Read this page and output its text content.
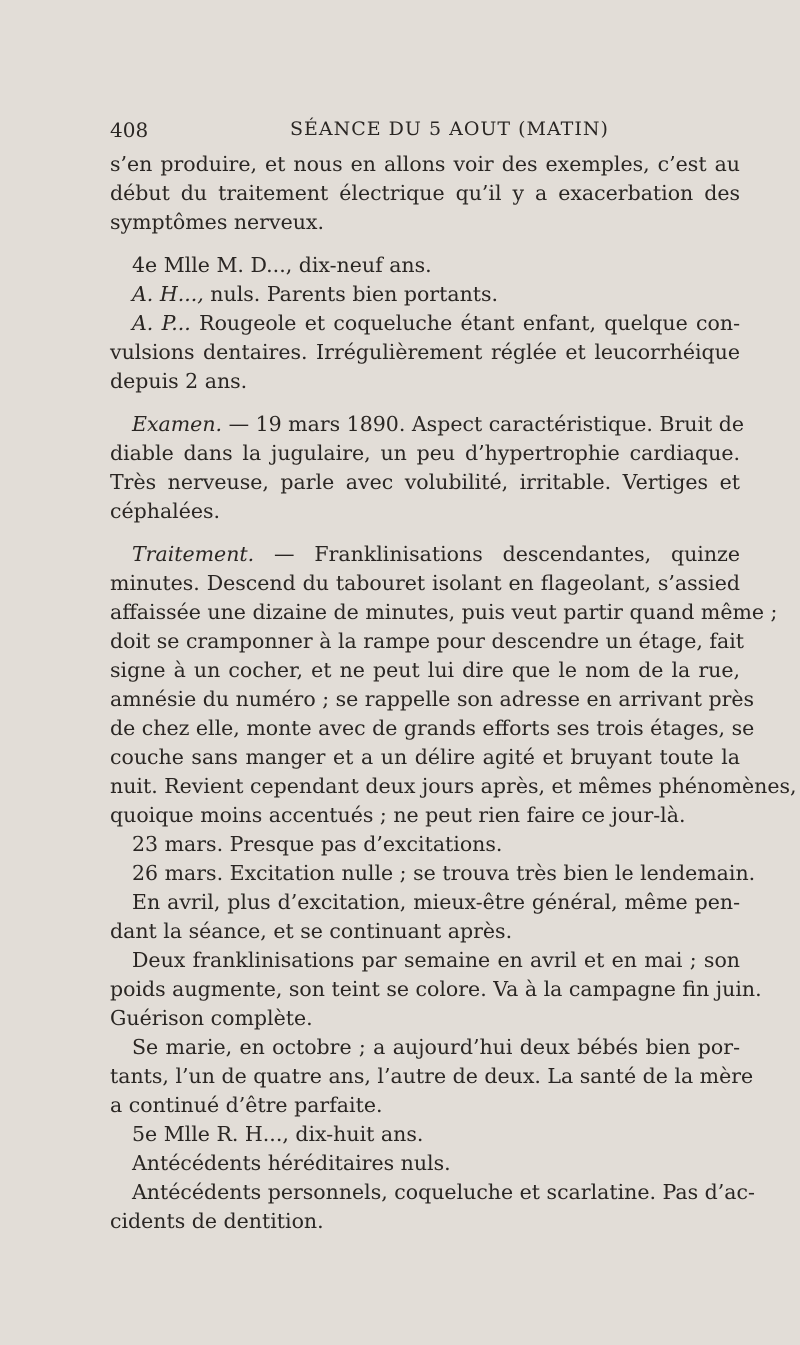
408	SÉANCE DU 5 AOUT (MATIN)

s’en produire, et nous en allons voir des exemples, c’est au
début du traitement électrique qu’il y a exacerbation des
symptômes nerveux.

4e Mlle M. D..., dix-neuf ans.

A. H..., nuls. Parents bien portants.

A. P... Rougeole et coqueluche étant enfant, quelque con-
vulsions dentaires. Irrégulièrement réglée et leucorrhéique
depuis 2 ans.

Examen. — 19 mars 1890. Aspect caractéristique. Bruit de
diable dans la jugulaire, un peu d’hypertrophie cardiaque.
Très nerveuse, parle avec volubilité, irritable. Vertiges et
céphalées.

Traitement. — Franklinisations descendantes, quinze
minutes. Descend du tabouret isolant en flageolant, s’assied
affaissée une dizaine de minutes, puis veut partir quand même ;
doit se cramponner à la rampe pour descendre un étage, fait
signe à un cocher, et ne peut lui dire que le nom de la rue,
amnésie du numéro ; se rappelle son adresse en arrivant près
de chez elle, monte avec de grands efforts ses trois étages, se
couche sans manger et a un délire agité et bruyant toute la
nuit. Revient cependant deux jours après, et mêmes phénomènes,
quoique moins accentués ; ne peut rien faire ce jour-là.

23 mars. Presque pas d’excitations.

26 mars. Excitation nulle ; se trouva très bien le lendemain.

En avril, plus d’excitation, mieux-être général, même pen-
dant la séance, et se continuant après.

Deux franklinisations par semaine en avril et en mai ; son
poids augmente, son teint se colore. Va à la campagne fin juin.
Guérison complète.

Se marie, en octobre ; a aujourd’hui deux bébés bien por-
tants, l’un de quatre ans, l’autre de deux. La santé de la mère
a continué d’être parfaite.

5e Mlle R. H..., dix-huit ans.

Antécédents héréditaires nuls.

Antécédents personnels, coqueluche et scarlatine. Pas d’ac-
cidents de dentition.
